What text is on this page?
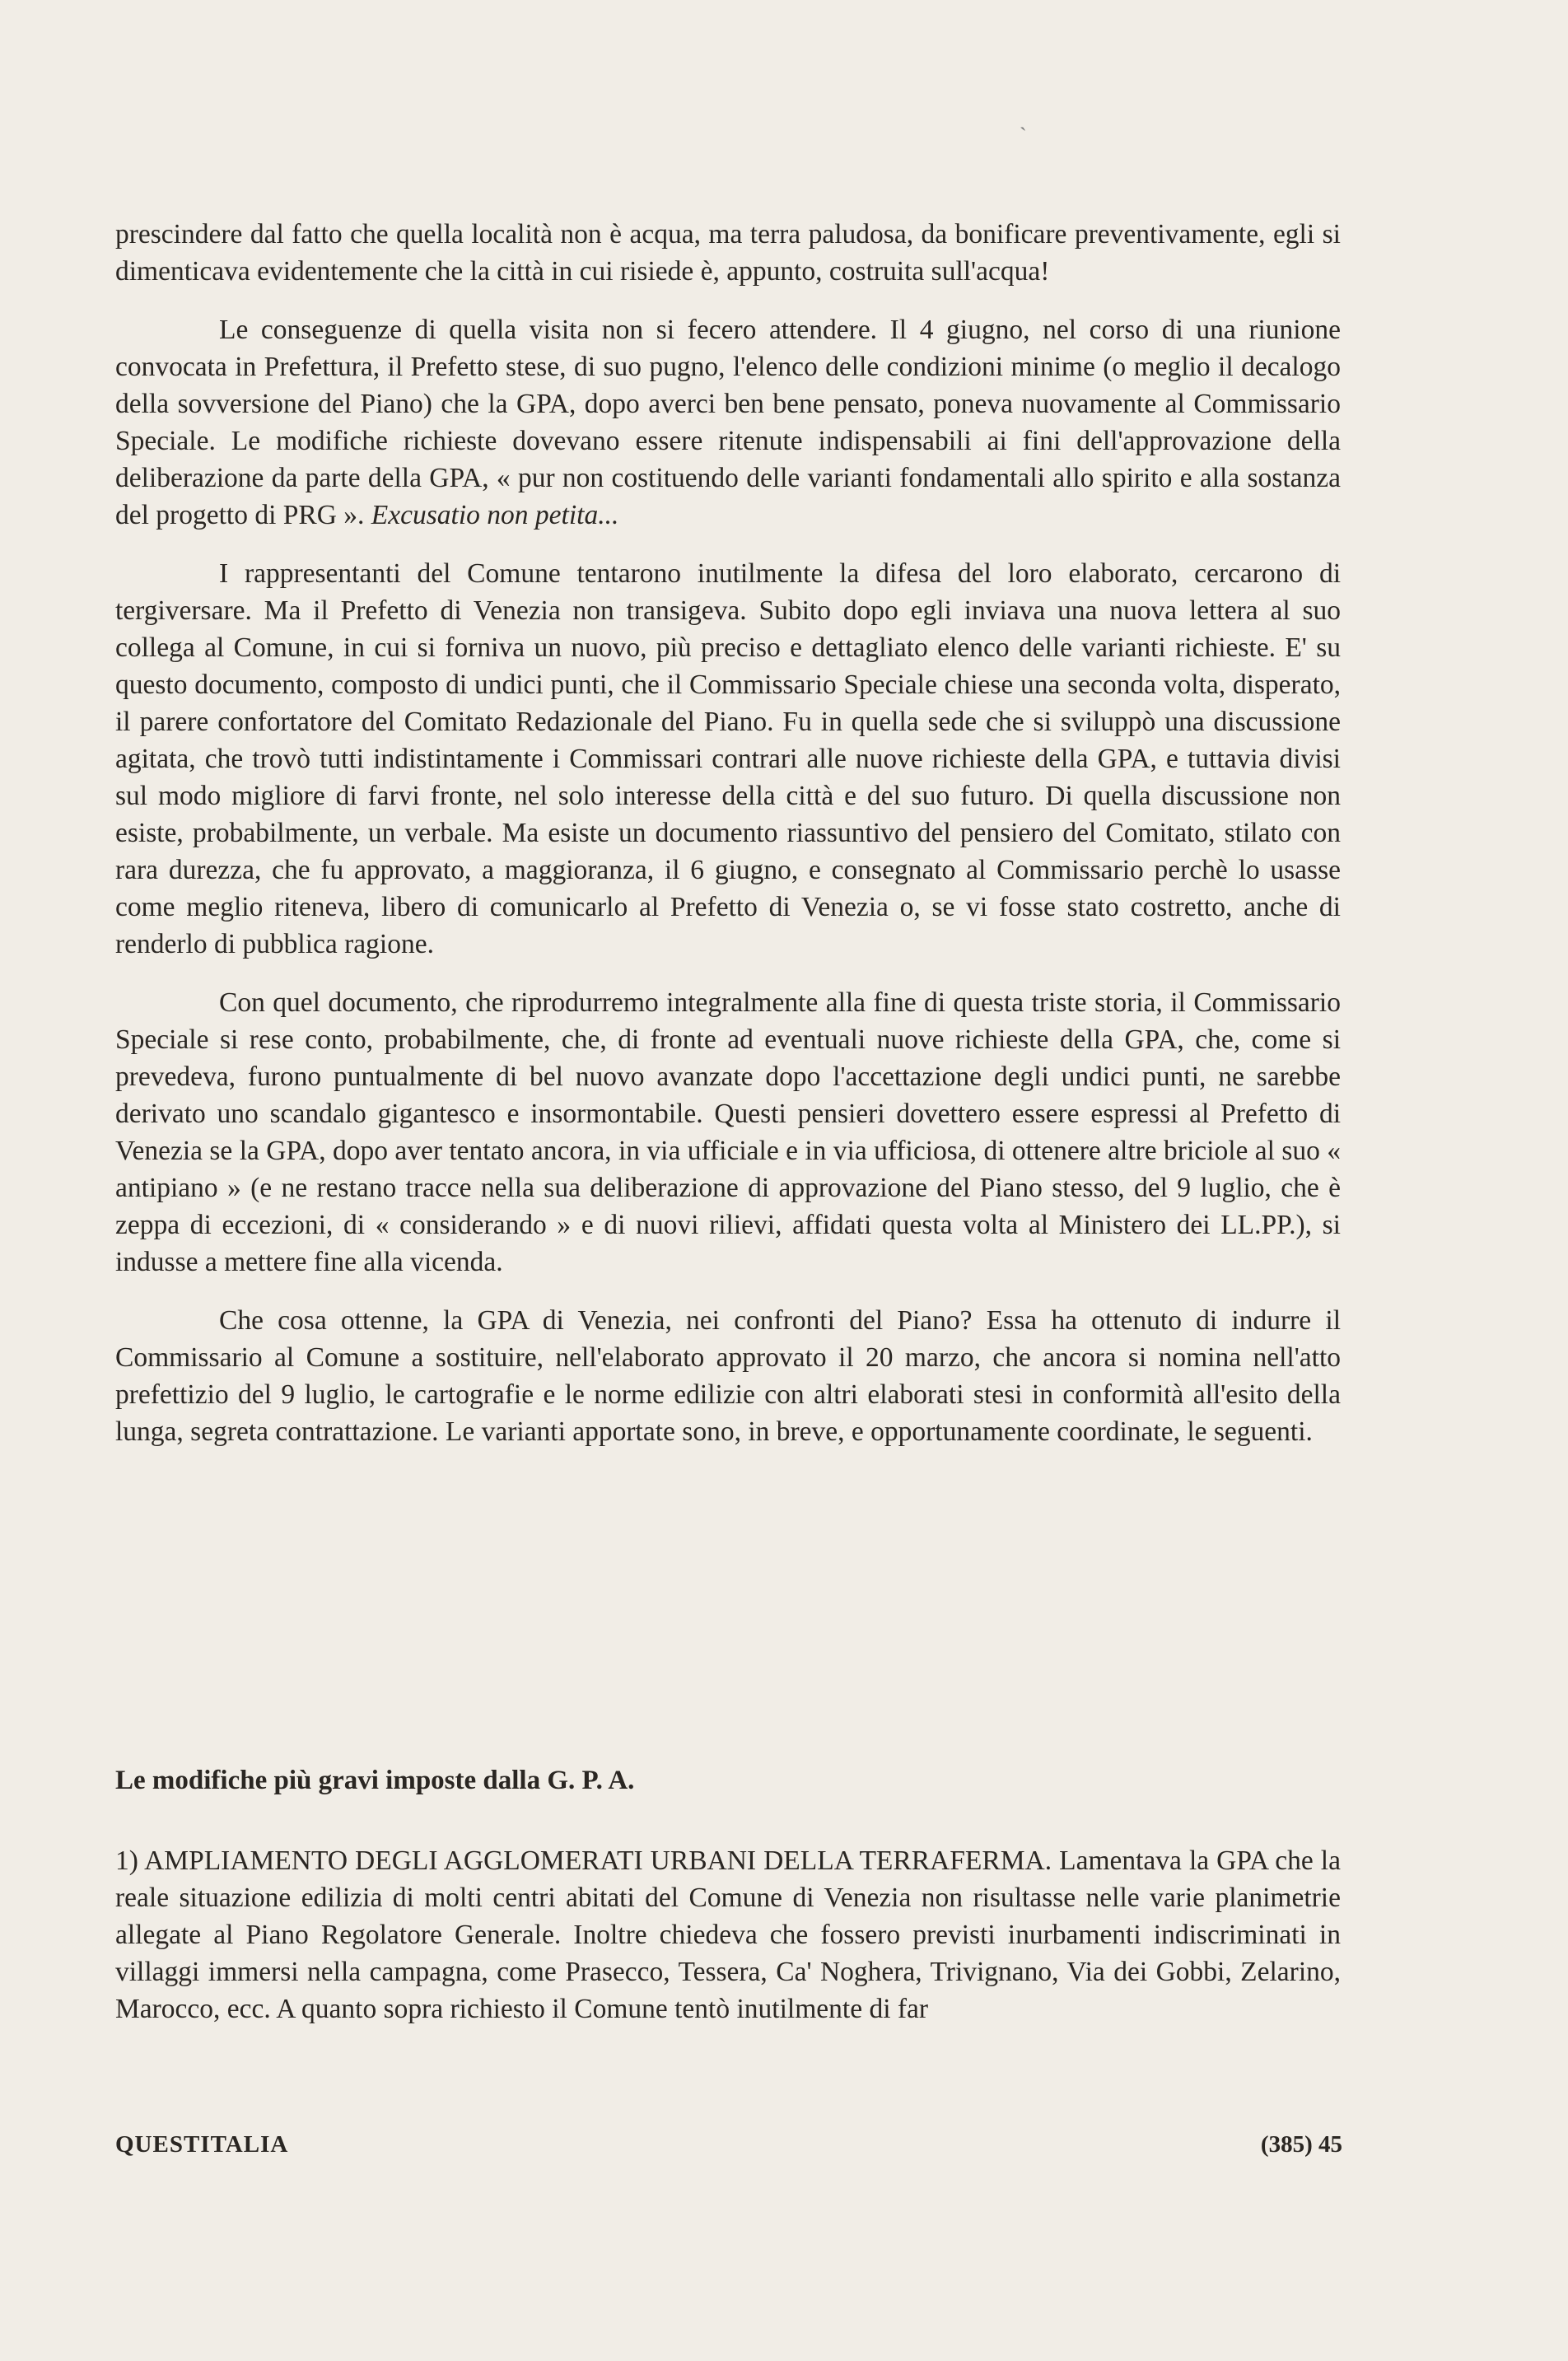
`

prescindere dal fatto che quella località non è acqua, ma terra paludosa, da bonificare preventivamente, egli si dimenticava evidentemente che la città in cui risiede è, appunto, costruita sull'acqua!

Le conseguenze di quella visita non si fecero attendere. Il 4 giugno, nel corso di una riunione convocata in Prefettura, il Prefetto stese, di suo pugno, l'elenco delle condizioni minime (o meglio il decalogo della sovversione del Piano) che la GPA, dopo averci ben bene pensato, poneva nuovamente al Commissario Speciale. Le modifiche richieste dovevano essere ritenute indispensabili ai fini dell'approvazione della deliberazione da parte della GPA, « pur non costituendo delle varianti fondamentali allo spirito e alla sostanza del progetto di PRG ». Excusatio non petita...

I rappresentanti del Comune tentarono inutilmente la difesa del loro elaborato, cercarono di tergiversare. Ma il Prefetto di Venezia non transigeva. Subito dopo egli inviava una nuova lettera al suo collega al Comune, in cui si forniva un nuovo, più preciso e dettagliato elenco delle varianti richieste. E' su questo documento, composto di undici punti, che il Commissario Speciale chiese una seconda volta, disperato, il parere confortatore del Comitato Redazionale del Piano. Fu in quella sede che si sviluppò una discussione agitata, che trovò tutti indistintamente i Commissari contrari alle nuove richieste della GPA, e tuttavia divisi sul modo migliore di farvi fronte, nel solo interesse della città e del suo futuro. Di quella discussione non esiste, probabilmente, un verbale. Ma esiste un documento riassuntivo del pensiero del Comitato, stilato con rara durezza, che fu approvato, a maggioranza, il 6 giugno, e consegnato al Commissario perchè lo usasse come meglio riteneva, libero di comunicarlo al Prefetto di Venezia o, se vi fosse stato costretto, anche di renderlo di pubblica ragione.

Con quel documento, che riprodurremo integralmente alla fine di questa triste storia, il Commissario Speciale si rese conto, probabilmente, che, di fronte ad eventuali nuove richieste della GPA, che, come si prevedeva, furono puntualmente di bel nuovo avanzate dopo l'accettazione degli undici punti, ne sarebbe derivato uno scandalo gigantesco e insormontabile. Questi pensieri dovettero essere espressi al Prefetto di Venezia se la GPA, dopo aver tentato ancora, in via ufficiale e in via ufficiosa, di ottenere altre briciole al suo « antipiano » (e ne restano tracce nella sua deliberazione di approvazione del Piano stesso, del 9 luglio, che è zeppa di eccezioni, di « considerando » e di nuovi rilievi, affidati questa volta al Ministero dei LL.PP.), si indusse a mettere fine alla vicenda.

Che cosa ottenne, la GPA di Venezia, nei confronti del Piano? Essa ha ottenuto di indurre il Commissario al Comune a sostituire, nell'elaborato approvato il 20 marzo, che ancora si nomina nell'atto prefettizio del 9 luglio, le cartografie e le norme edilizie con altri elaborati stesi in conformità all'esito della lunga, segreta contrattazione. Le varianti apportate sono, in breve, e opportunamente coordinate, le seguenti.

Le modifiche più gravi imposte dalla G. P. A.

1) AMPLIAMENTO DEGLI AGGLOMERATI URBANI DELLA TERRAFERMA. Lamentava la GPA che la reale situazione edilizia di molti centri abitati del Comune di Venezia non risultasse nelle varie planimetrie allegate al Piano Regolatore Generale. Inoltre chiedeva che fossero previsti inurbamenti indiscriminati in villaggi immersi nella campagna, come Prasecco, Tessera, Ca' Noghera, Trivignano, Via dei Gobbi, Zelarino, Marocco, ecc. A quanto sopra richiesto il Comune tentò inutilmente di far

QUESTITALIA	(385) 45
